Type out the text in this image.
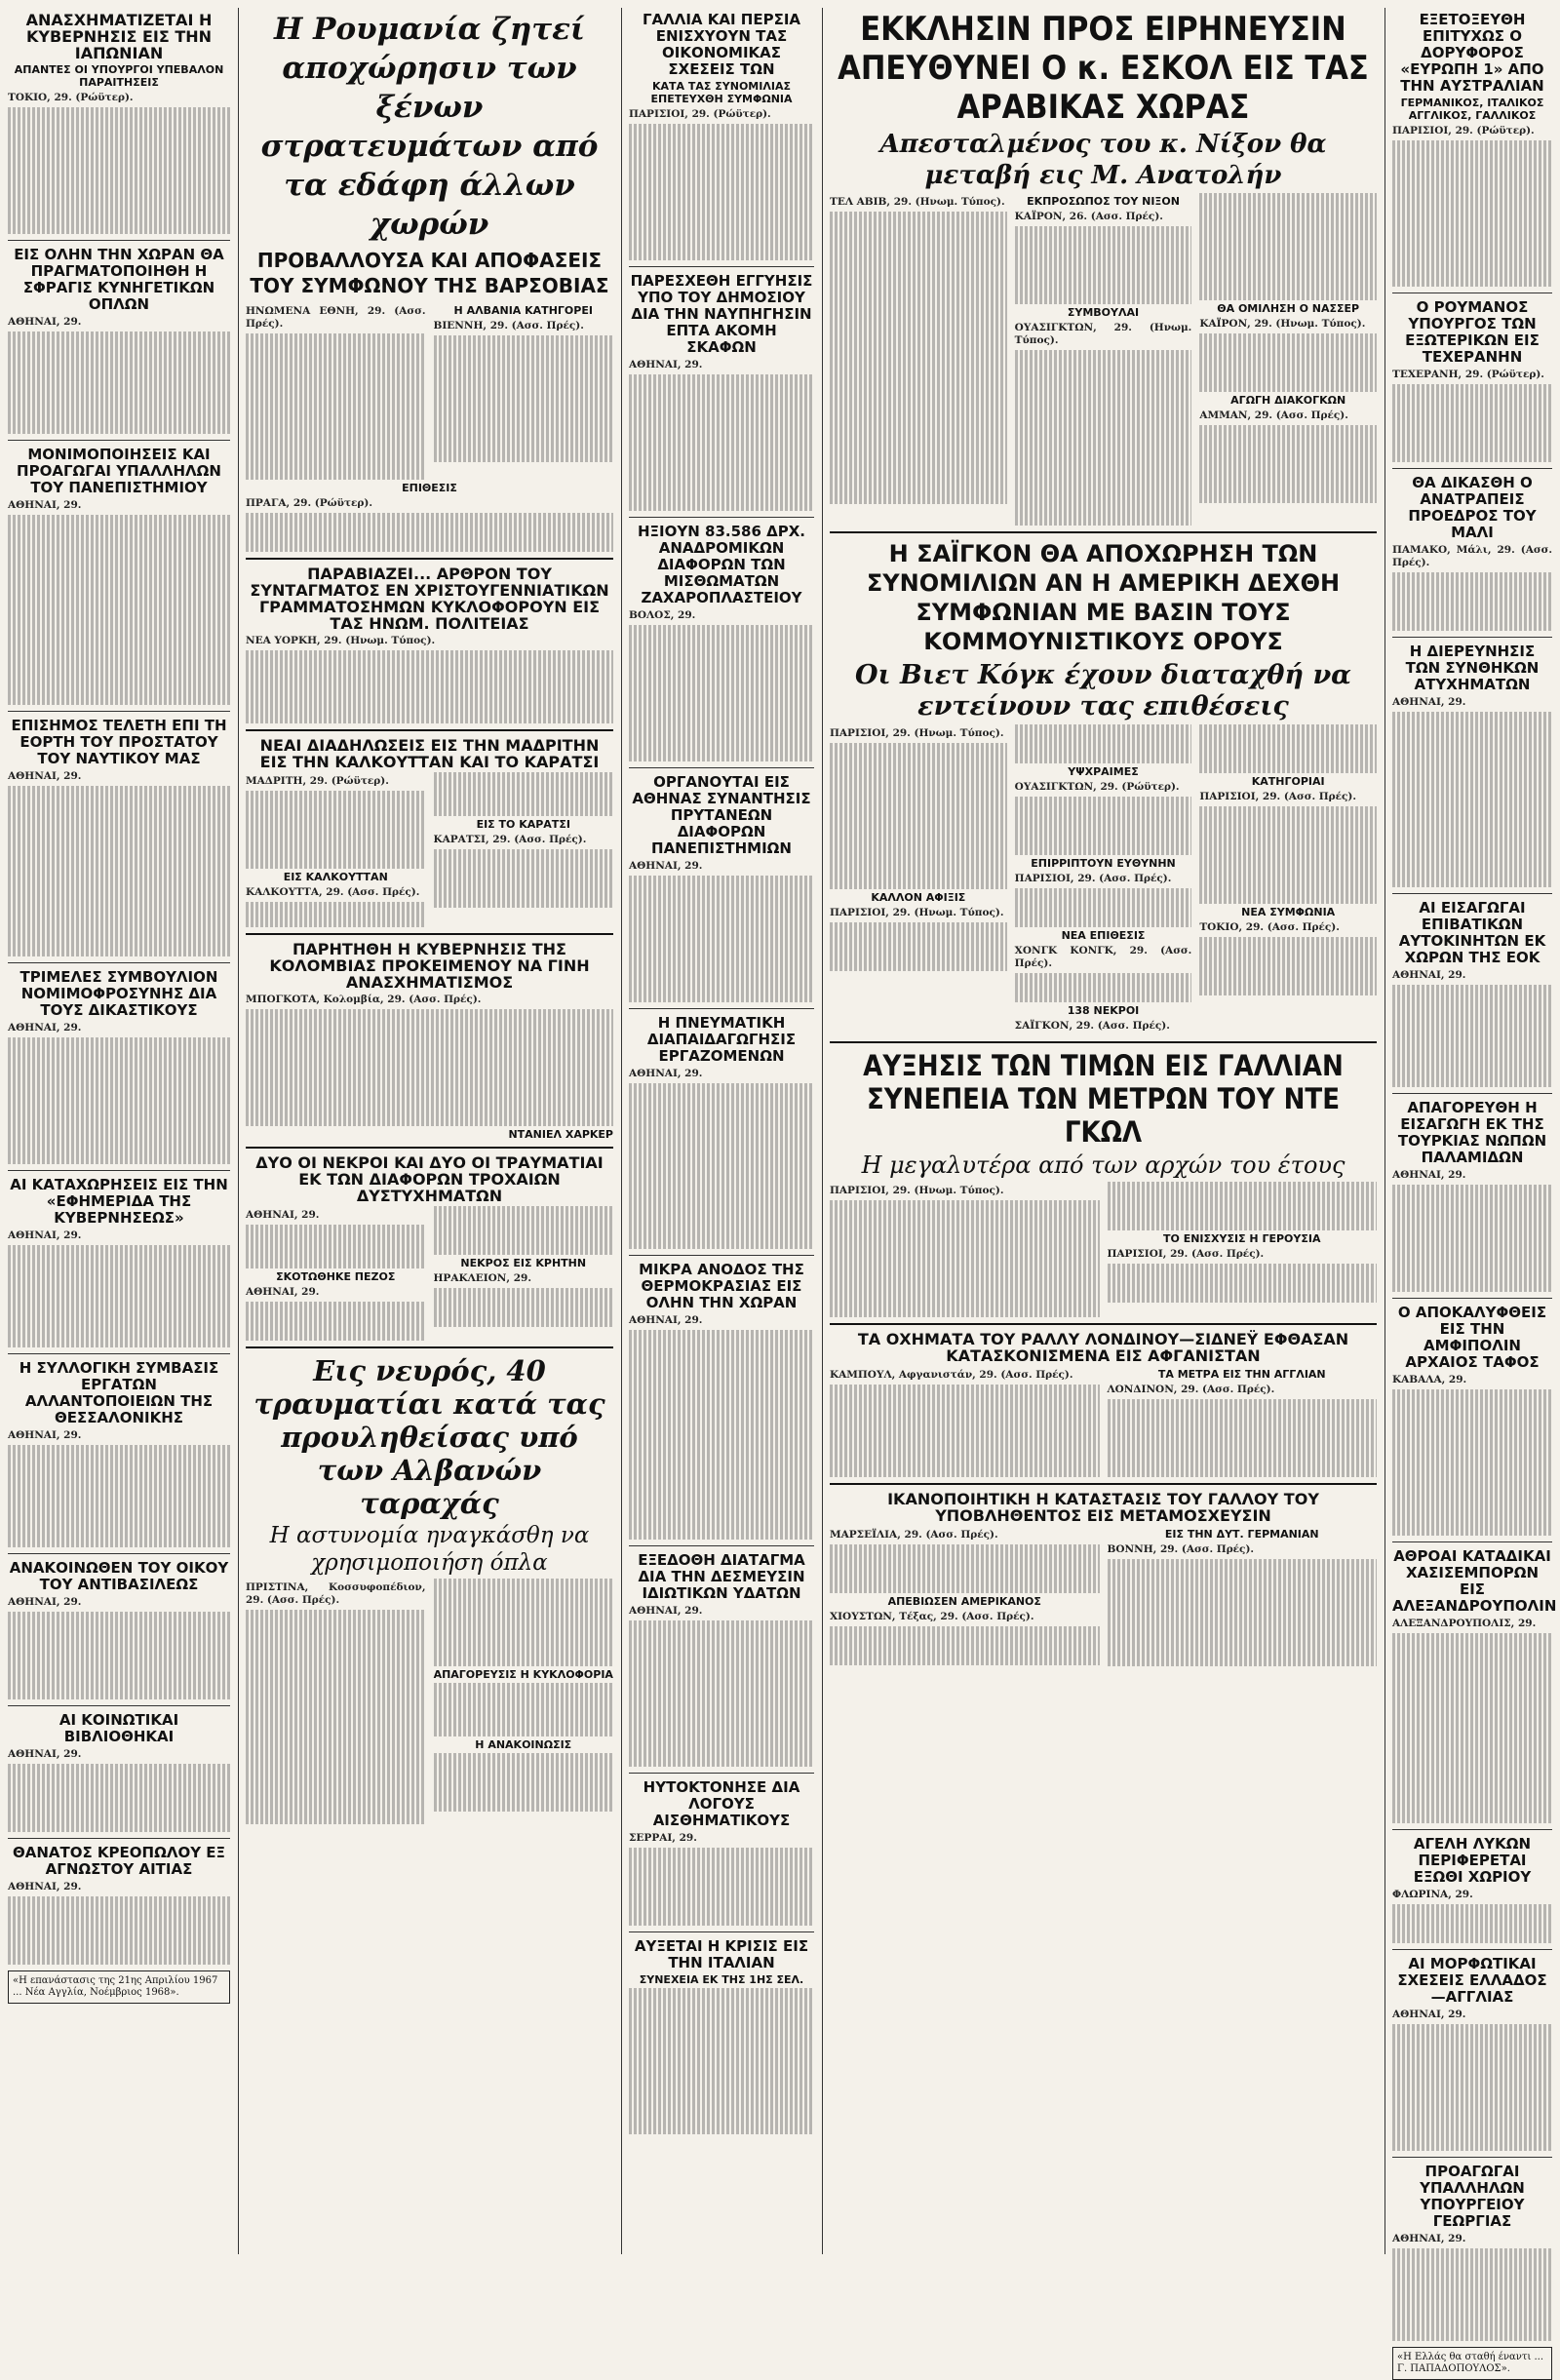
ΑΝΑΣΧΗΜΑΤΙΖΕΤΑΙ Η ΚΥΒΕΡΝΗΣΙΣ ΕΙΣ ΤΗΝ ΙΑΠΩΝΙΑΝ
ΑΠΑΝΤΕΣ ΟΙ ΥΠΟΥΡΓΟΙ ΥΠΕΒΑΛΟΝ ΠΑΡΑΙΤΗΣΕΙΣ
ΤΟΚΙΟ, 29. (Ρώϋτερ).
ΕΙΣ ΟΛΗΝ ΤΗΝ ΧΩΡΑΝ ΘΑ ΠΡΑΓΜΑΤΟΠΟΙΗΘΗ Η ΣΦΡΑΓΙΣ ΚΥΝΗΓΕΤΙΚΩΝ ΟΠΛΩΝ
ΑΘΗΝΑΙ, 29.
ΜΟΝΙΜΟΠΟΙΗΣΕΙΣ ΚΑΙ ΠΡΟΑΓΩΓΑΙ ΥΠΑΛΛΗΛΩΝ ΤΟΥ ΠΑΝΕΠΙΣΤΗΜΙΟΥ
ΑΘΗΝΑΙ, 29.
ΕΠΙΣΗΜΟΣ ΤΕΛΕΤΗ ΕΠΙ ΤΗ ΕΟΡΤΗ ΤΟΥ ΠΡΟΣΤΑΤΟΥ ΤΟΥ ΝΑΥΤΙΚΟΥ ΜΑΣ
ΑΘΗΝΑΙ, 29.
ΤΡΙΜΕΛΕΣ ΣΥΜΒΟΥΛΙΟΝ ΝΟΜΙΜΟΦΡΟΣΥΝΗΣ ΔΙΑ ΤΟΥΣ ΔΙΚΑΣΤΙΚΟΥΣ
ΑΘΗΝΑΙ, 29.
ΑΙ ΚΑΤΑΧΩΡΗΣΕΙΣ ΕΙΣ ΤΗΝ «ΕΦΗΜΕΡΙΔΑ ΤΗΣ ΚΥΒΕΡΝΗΣΕΩΣ»
ΑΘΗΝΑΙ, 29.
Η ΣΥΛΛΟΓΙΚΗ ΣΥΜΒΑΣΙΣ ΕΡΓΑΤΩΝ ΑΛΛΑΝΤΟΠΟΙΕΙΩΝ ΤΗΣ ΘΕΣΣΑΛΟΝΙΚΗΣ
ΑΘΗΝΑΙ, 29.
ΑΝΑΚΟΙΝΩΘΕΝ ΤΟΥ ΟΙΚΟΥ ΤΟΥ ΑΝΤΙΒΑΣΙΛΕΩΣ
ΑΘΗΝΑΙ, 29.
ΑΙ ΚΟΙΝΩΤΙΚΑΙ ΒΙΒΛΙΟΘΗΚΑΙ
ΑΘΗΝΑΙ, 29.
ΘΑΝΑΤΟΣ ΚΡΕΟΠΩΛΟΥ ΕΞ ΑΓΝΩΣΤΟΥ ΑΙΤΙΑΣ
ΑΘΗΝΑΙ, 29.
«Η επανάστασις της 21ης Απριλίου 1967 ... Νέα Αγγλία, Νοέμβριος 1968».
Η Ρουμανία ζητεί αποχώρησιν των ξένων στρατευμάτων από τα εδάφη άλλων χωρών
ΠΡΟΒΑΛΛΟΥΣΑ ΚΑΙ ΑΠΟΦΑΣΕΙΣ ΤΟΥ ΣΥΜΦΩΝΟΥ ΤΗΣ ΒΑΡΣΟΒΙΑΣ
ΗΝΩΜΕΝΑ ΕΘΝΗ, 29. (Ασσ. Πρές).
Η ΑΛΒΑΝΙΑ ΚΑΤΗΓΟΡΕΙ
ΒΙΕΝΝΗ, 29. (Ασσ. Πρές).
ΕΠΙΘΕΣΙΣ
ΠΡΑΓΑ, 29. (Ρώϋτερ).
ΠΑΡΑΒΙΑΖΕΙ... ΑΡΘΡΟΝ ΤΟΥ ΣΥΝΤΑΓΜΑΤΟΣ ΕΝ ΧΡΙΣΤΟΥΓΕΝΝΙΑΤΙΚΩΝ ΓΡΑΜΜΑΤΟΣΗΜΩΝ ΚΥΚΛΟΦΟΡΟΥΝ ΕΙΣ ΤΑΣ ΗΝΩΜ. ΠΟΛΙΤΕΙΑΣ
ΝΕΑ ΥΟΡΚΗ, 29. (Ηνωμ. Τύπος).
ΝΕΑΙ ΔΙΑΔΗΛΩΣΕΙΣ ΕΙΣ ΤΗΝ ΜΑΔΡΙΤΗΝ ΕΙΣ ΤΗΝ ΚΑΛΚΟΥΤΤΑΝ ΚΑΙ ΤΟ ΚΑΡΑΤΣΙ
ΜΑΔΡΙΤΗ, 29. (Ρώϋτερ).
ΕΙΣ ΚΑΛΚΟΥΤΤΑΝ
ΚΑΛΚΟΥΤΤΑ, 29. (Ασσ. Πρές).
ΕΙΣ ΤΟ ΚΑΡΑΤΣΙ
ΚΑΡΑΤΣΙ, 29. (Ασσ. Πρές).
ΠΑΡΗΤΗΘΗ Η ΚΥΒΕΡΝΗΣΙΣ ΤΗΣ ΚΟΛΟΜΒΙΑΣ ΠΡΟΚΕΙΜΕΝΟΥ ΝΑ ΓΙΝΗ ΑΝΑΣΧΗΜΑΤΙΣΜΟΣ
ΜΠΟΓΚΟΤΑ, Κολομβία, 29. (Ασσ. Πρές).
ΝΤΑΝΙΕΛ ΧΑΡΚΕΡ
ΔΥΟ ΟΙ ΝΕΚΡΟΙ ΚΑΙ ΔΥΟ ΟΙ ΤΡΑΥΜΑΤΙΑΙ ΕΚ ΤΩΝ ΔΙΑΦΟΡΩΝ ΤΡΟΧΑΙΩΝ ΔΥΣΤΥΧΗΜΑΤΩΝ
ΑΘΗΝΑΙ, 29.
ΣΚΟΤΩΘΗΚΕ ΠΕΖΟΣ
ΑΘΗΝΑΙ, 29.
ΝΕΚΡΟΣ ΕΙΣ ΚΡΗΤΗΝ
ΗΡΑΚΛΕΙΟΝ, 29.
Εις νευρός, 40 τραυματίαι κατά τας προυληθείσας υπό των Αλβανών ταραχάς
Η αστυνομία ηναγκάσθη να χρησιμοποιήση όπλα
ΠΡΙΣΤΙΝΑ, Κοσσυφοπέδιον, 29. (Ασσ. Πρές).
ΑΠΑΓΟΡΕΥΣΙΣ Η ΚΥΚΛΟΦΟΡΙΑ
Η ΑΝΑΚΟΙΝΩΣΙΣ
ΓΑΛΛΙΑ ΚΑΙ ΠΕΡΣΙΑ ΕΝΙΣΧΥΟΥΝ ΤΑΣ ΟΙΚΟΝΟΜΙΚΑΣ ΣΧΕΣΕΙΣ ΤΩΝ
ΚΑΤΑ ΤΑΣ ΣΥΝΟΜΙΛΙΑΣ ΕΠΕΤΕΥΧΘΗ ΣΥΜΦΩΝΙΑ
ΠΑΡΙΣΙΟΙ, 29. (Ρώϋτερ).
ΠΑΡΕΣΧΕΘΗ ΕΓΓΥΗΣΙΣ ΥΠΟ ΤΟΥ ΔΗΜΟΣΙΟΥ ΔΙΑ ΤΗΝ ΝΑΥΠΗΓΗΣΙΝ ΕΠΤΑ ΑΚΟΜΗ ΣΚΑΦΩΝ
ΑΘΗΝΑΙ, 29.
ΗΞΙΟΥΝ 83.586 ΔΡΧ. ΑΝΑΔΡΟΜΙΚΩΝ ΔΙΑΦΟΡΩΝ ΤΩΝ ΜΙΣΘΩΜΑΤΩΝ ΖΑΧΑΡΟΠΛΑΣΤΕΙΟΥ
ΒΟΛΟΣ, 29.
ΟΡΓΑΝΟΥΤΑΙ ΕΙΣ ΑΘΗΝΑΣ ΣΥΝΑΝΤΗΣΙΣ ΠΡΥΤΑΝΕΩΝ ΔΙΑΦΟΡΩΝ ΠΑΝΕΠΙΣΤΗΜΙΩΝ
ΑΘΗΝΑΙ, 29.
Η ΠΝΕΥΜΑΤΙΚΗ ΔΙΑΠΑΙΔΑΓΩΓΗΣΙΣ ΕΡΓΑΖΟΜΕΝΩΝ
ΑΘΗΝΑΙ, 29.
ΜΙΚΡΑ ΑΝΟΔΟΣ ΤΗΣ ΘΕΡΜΟΚΡΑΣΙΑΣ ΕΙΣ ΟΛΗΝ ΤΗΝ ΧΩΡΑΝ
ΑΘΗΝΑΙ, 29.
ΕΞΕΔΟΘΗ ΔΙΑΤΑΓΜΑ ΔΙΑ ΤΗΝ ΔΕΣΜΕΥΣΙΝ ΙΔΙΩΤΙΚΩΝ ΥΔΑΤΩΝ
ΑΘΗΝΑΙ, 29.
ΗΥΤΟΚΤΟΝΗΣΕ ΔΙΑ ΛΟΓΟΥΣ ΑΙΣΘΗΜΑΤΙΚΟΥΣ
ΣΕΡΡΑΙ, 29.
ΑΥΞΕΤΑΙ Η ΚΡΙΣΙΣ ΕΙΣ ΤΗΝ ΙΤΑΛΙΑΝ
ΣΥΝΕΧΕΙΑ ΕΚ ΤΗΣ 1ΗΣ ΣΕΛ.
ΕΚΚΛΗΣΙΝ ΠΡΟΣ ΕΙΡΗΝΕΥΣΙΝ ΑΠΕΥΘΥΝΕΙ Ο κ. ΕΣΚΟΛ ΕΙΣ ΤΑΣ ΑΡΑΒΙΚΑΣ ΧΩΡΑΣ
Απεσταλμένος του κ. Νίξον θα μεταβή εις Μ. Ανατολήν
ΤΕΛ ΑΒΙΒ, 29. (Ηνωμ. Τύπος).	ΕΚΠΡΟΣΩΠΟΣ ΤΟΥ ΝΙΞΟΝ
ΚΑΪΡΟΝ, 26. (Ασσ. Πρές).
ΣΥΜΒΟΥΛΑΙ
ΟΥΑΣΙΓΚΤΩΝ, 29. (Ηνωμ. Τύπος).
ΘΑ ΟΜΙΛΗΣΗ Ο ΝΑΣΣΕΡ
ΚΑΪΡΟΝ, 29. (Ηνωμ. Τύπος).
ΑΓΩΓΗ ΔΙΑΚΟΓΚΩΝ
ΑΜΜΑΝ, 29. (Ασσ. Πρές).
Η ΣΑΪΓΚΟΝ ΘΑ ΑΠΟΧΩΡΗΣΗ ΤΩΝ ΣΥΝΟΜΙΛΙΩΝ ΑΝ Η ΑΜΕΡΙΚΗ ΔΕΧΘΗ ΣΥΜΦΩΝΙΑΝ ΜΕ ΒΑΣΙΝ ΤΟΥΣ ΚΟΜΜΟΥΝΙΣΤΙΚΟΥΣ ΟΡΟΥΣ
Οι Βιετ Κόγκ έχουν διαταχθή να εντείνουν τας επιθέσεις
ΠΑΡΙΣΙΟΙ, 29. (Ηνωμ. Τύπος).
ΚΑΛΛΟΝ ΑΦΙΞΙΣ
ΠΑΡΙΣΙΟΙ, 29. (Ηνωμ. Τύπος).
ΥΨΧΡΑΙΜΕΣ
ΟΥΑΣΙΓΚΤΩΝ, 29. (Ρώϋτερ).
ΕΠΙΡΡΙΠΤΟΥΝ ΕΥΘΥΝΗΝ
ΠΑΡΙΣΙΟΙ, 29. (Ασσ. Πρές).
ΝΕΑ ΕΠΙΘΕΣΙΣ
ΧΟΝΓΚ ΚΟΝΓΚ, 29. (Ασσ. Πρές).
138 ΝΕΚΡΟΙ
ΣΑΪΓΚΟΝ, 29. (Ασσ. Πρές).
ΚΑΤΗΓΟΡΙΑΙ
ΠΑΡΙΣΙΟΙ, 29. (Ασσ. Πρές).
ΝΕΑ ΣΥΜΦΩΝΙΑ
ΤΟΚΙΟ, 29. (Ασσ. Πρές).
ΑΥΞΗΣΙΣ ΤΩΝ ΤΙΜΩΝ ΕΙΣ ΓΑΛΛΙΑΝ ΣΥΝΕΠΕΙΑ ΤΩΝ ΜΕΤΡΩΝ ΤΟΥ ΝΤΕ ΓΚΩΛ
Η μεγαλυτέρα από των αρχών του έτους
ΠΑΡΙΣΙΟΙ, 29. (Ηνωμ. Τύπος).
ΤΟ ΕΝΙΣΧΥΣΙΣ Η ΓΕΡΟΥΣΙΑ
ΠΑΡΙΣΙΟΙ, 29. (Ασσ. Πρές).
ΤΑ ΟΧΗΜΑΤΑ ΤΟΥ ΡΑΛΛΥ ΛΟΝΔΙΝΟΥ—ΣΙΔΝΕΫ ΕΦΘΑΣΑΝ ΚΑΤΑΣΚΟΝΙΣΜΕΝΑ ΕΙΣ ΑΦΓΑΝΙΣΤΑΝ
ΚΑΜΠΟΥΛ, Αφγανιστάν, 29. (Ασσ. Πρές).	ΤΑ ΜΕΤΡΑ ΕΙΣ ΤΗΝ ΑΓΓΛΙΑΝ
ΛΟΝΔΙΝΟΝ, 29. (Ασσ. Πρές).
ΙΚΑΝΟΠΟΙΗΤΙΚΗ Η ΚΑΤΑΣΤΑΣΙΣ ΤΟΥ ΓΑΛΛΟΥ ΤΟΥ ΥΠΟΒΛΗΘΕΝΤΟΣ ΕΙΣ ΜΕΤΑΜΟΣΧΕΥΣΙΝ
ΜΑΡΣΕΪΛΙΑ, 29. (Ασσ. Πρές).
ΑΠΕΒΙΩΣΕΝ ΑΜΕΡΙΚΑΝΟΣ
ΧΙΟΥΣΤΩΝ, Τέξας, 29. (Ασσ. Πρές).
ΕΙΣ ΤΗΝ ΔΥΤ. ΓΕΡΜΑΝΙΑΝ
ΒΟΝΝΗ, 29. (Ασσ. Πρές).
ΕΞΕΤΟΞΕΥΘΗ ΕΠΙΤΥΧΩΣ Ο ΔΟΡΥΦΟΡΟΣ «ΕΥΡΩΠΗ 1» ΑΠΟ ΤΗΝ ΑΥΣΤΡΑΛΙΑΝ
ΓΕΡΜΑΝΙΚΟΣ, ΙΤΑΛΙΚΟΣ ΑΓΓΛΙΚΟΣ, ΓΑΛΛΙΚΟΣ
ΠΑΡΙΣΙΟΙ, 29. (Ρώϋτερ).
Ο ΡΟΥΜΑΝΟΣ ΥΠΟΥΡΓΟΣ ΤΩΝ ΕΞΩΤΕΡΙΚΩΝ ΕΙΣ ΤΕΧΕΡΑΝΗΝ
ΤΕΧΕΡΑΝΗ, 29. (Ρώϋτερ).
ΘΑ ΔΙΚΑΣΘΗ Ο ΑΝΑΤΡΑΠΕΙΣ ΠΡΟΕΔΡΟΣ ΤΟΥ ΜΑΛΙ
ΠΑΜΑΚΟ, Μάλι, 29. (Ασσ. Πρές).
Η ΔΙΕΡΕΥΝΗΣΙΣ ΤΩΝ ΣΥΝΘΗΚΩΝ ΑΤΥΧΗΜΑΤΩΝ
ΑΘΗΝΑΙ, 29.
ΑΙ ΕΙΣΑΓΩΓΑΙ ΕΠΙΒΑΤΙΚΩΝ ΑΥΤΟΚΙΝΗΤΩΝ ΕΚ ΧΩΡΩΝ ΤΗΣ ΕΟΚ
ΑΘΗΝΑΙ, 29.
ΑΠΑΓΟΡΕΥΘΗ Η ΕΙΣΑΓΩΓΗ ΕΚ ΤΗΣ ΤΟΥΡΚΙΑΣ ΝΩΠΩΝ ΠΑΛΑΜΙΔΩΝ
ΑΘΗΝΑΙ, 29.
Ο ΑΠΟΚΑΛΥΦΘΕΙΣ ΕΙΣ ΤΗΝ ΑΜΦΙΠΟΛΙΝ ΑΡΧΑΙΟΣ ΤΑΦΟΣ
ΚΑΒΑΛΑ, 29.
ΑΘΡΟΑΙ ΚΑΤΑΔΙΚΑΙ ΧΑΣΙΣΕΜΠΟΡΩΝ ΕΙΣ ΑΛΕΞΑΝΔΡΟΥΠΟΛΙΝ
ΑΛΕΞΑΝΔΡΟΥΠΟΛΙΣ, 29.
ΑΓΕΛΗ ΛΥΚΩΝ ΠΕΡΙΦΕΡΕΤΑΙ ΕΞΩΘΙ ΧΩΡΙΟΥ
ΦΛΩΡΙΝΑ, 29.
ΑΙ ΜΟΡΦΩΤΙΚΑΙ ΣΧΕΣΕΙΣ ΕΛΛΑΔΟΣ—ΑΓΓΛΙΑΣ
ΑΘΗΝΑΙ, 29.
ΠΡΟΑΓΩΓΑΙ ΥΠΑΛΛΗΛΩΝ ΥΠΟΥΡΓΕΙΟΥ ΓΕΩΡΓΙΑΣ
ΑΘΗΝΑΙ, 29.
«Η Ελλάς θα σταθή έναντι ... Γ. ΠΑΠΑΔΟΠΟΥΛΟΣ».
